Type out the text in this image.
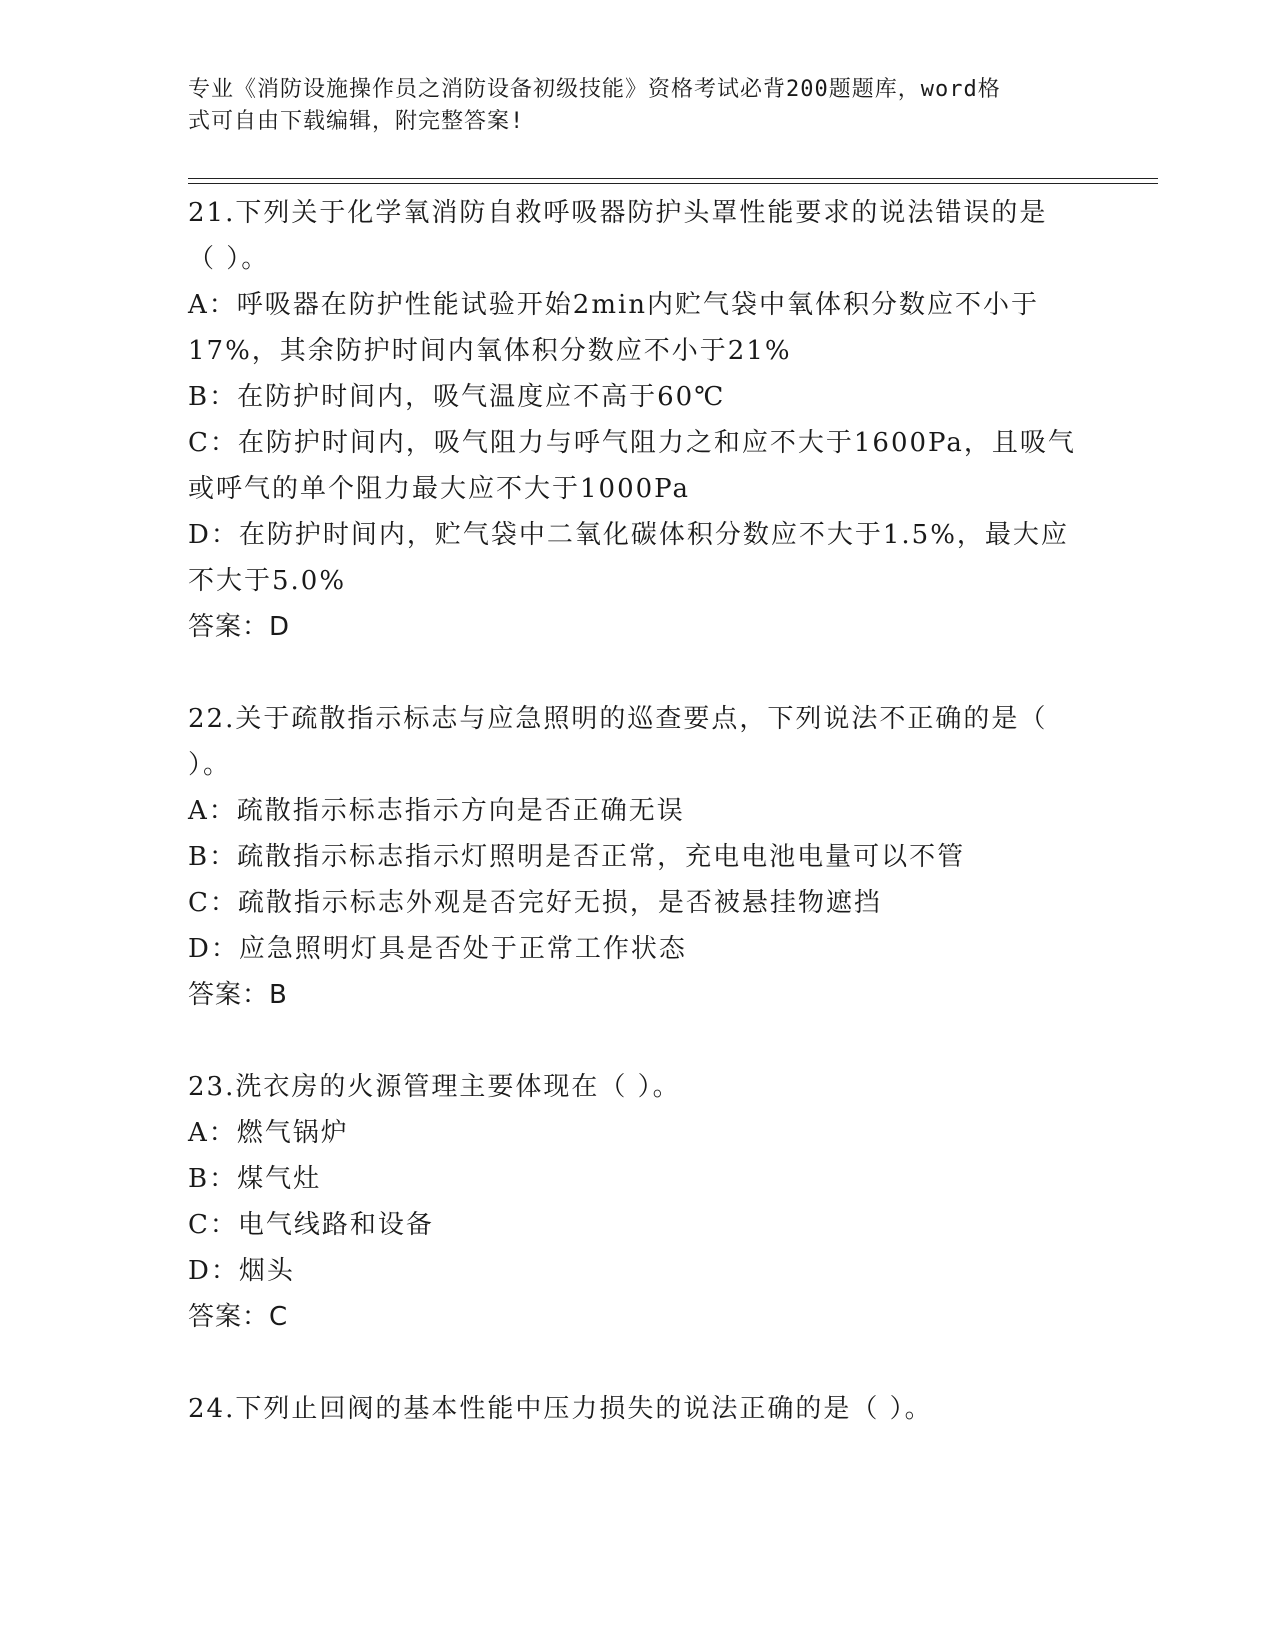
专业《消防设施操作员之消防设备初级技能》资格考试必背200题题库，word格
式可自由下载编辑，附完整答案!

21.下列关于化学氧消防自救呼吸器防护头罩性能要求的说法错误的是

（ ）。

A：呼吸器在防护性能试验开始2min内贮气袋中氧体积分数应不小于

17%，其余防护时间内氧体积分数应不小于21%

B：在防护时间内，吸气温度应不高于60℃

C：在防护时间内，吸气阻力与呼气阻力之和应不大于1600Pa，且吸气

或呼气的单个阻力最大应不大于1000Pa

D：在防护时间内，贮气袋中二氧化碳体积分数应不大于1.5%，最大应

不大于5.0%

答案：D

22.关于疏散指示标志与应急照明的巡查要点，下列说法不正确的是（

）。

A：疏散指示标志指示方向是否正确无误

B：疏散指示标志指示灯照明是否正常，充电电池电量可以不管

C：疏散指示标志外观是否完好无损，是否被悬挂物遮挡

D：应急照明灯具是否处于正常工作状态

答案：B

23.洗衣房的火源管理主要体现在（ ）。

A：燃气锅炉

B：煤气灶

C：电气线路和设备

D：烟头

答案：C

24.下列止回阀的基本性能中压力损失的说法正确的是（ ）。
